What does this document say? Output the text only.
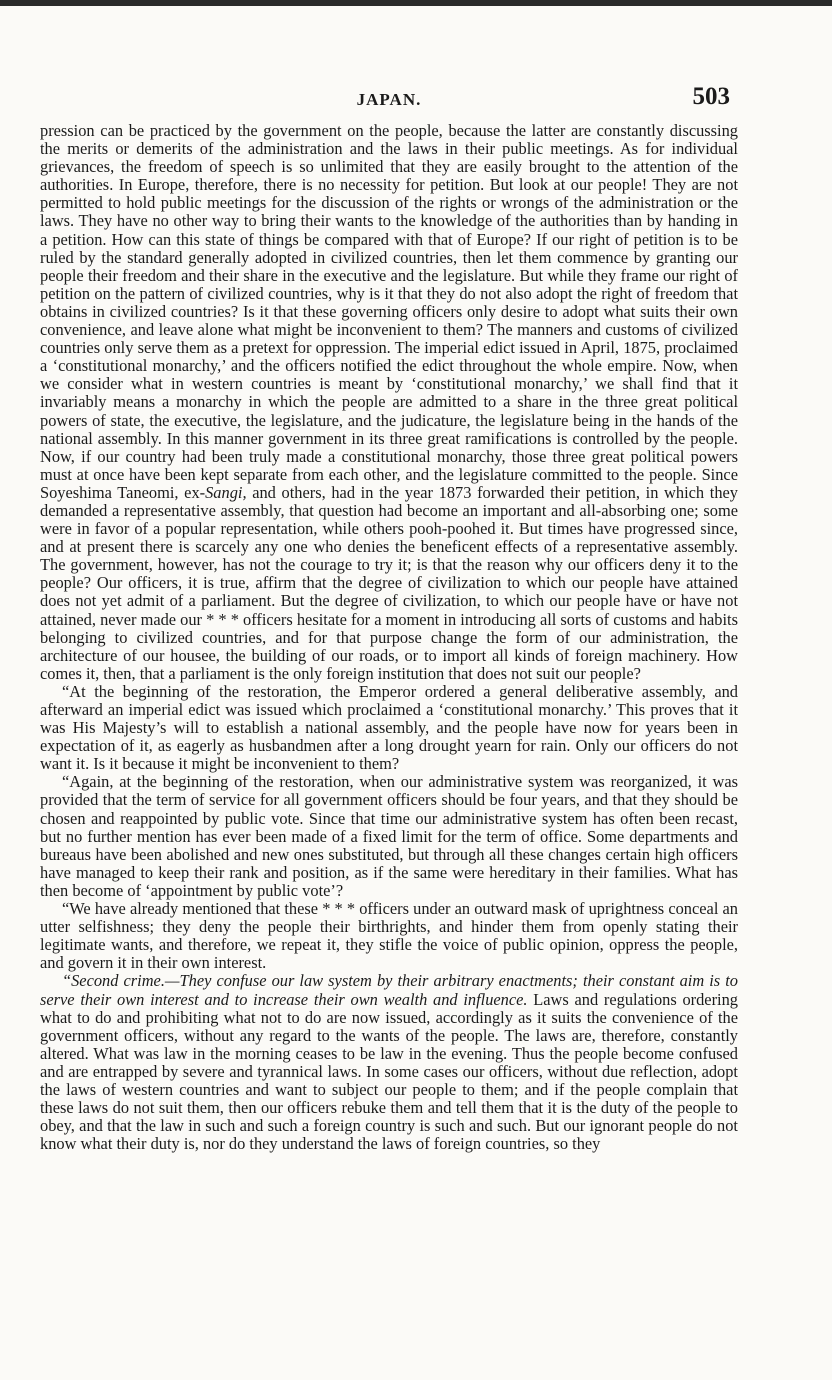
JAPAN.	503

pression can be practiced by the government on the people, because the latter are constantly discussing the merits or demerits of the administration and the laws in their public meetings. As for individual grievances, the freedom of speech is so unlimited that they are easily brought to the attention of the authorities. In Europe, therefore, there is no necessity for petition. But look at our people! They are not permitted to hold public meetings for the discussion of the rights or wrongs of the administration or the laws. They have no other way to bring their wants to the knowledge of the authorities than by handing in a petition. How can this state of things be compared with that of Europe? If our right of petition is to be ruled by the standard generally adopted in civilized countries, then let them commence by granting our people their freedom and their share in the executive and the legislature. But while they frame our right of petition on the pattern of civilized countries, why is it that they do not also adopt the right of freedom that obtains in civilized countries? Is it that these governing officers only desire to adopt what suits their own convenience, and leave alone what might be inconvenient to them? The manners and customs of civilized countries only serve them as a pretext for oppression. The imperial edict issued in April, 1875, proclaimed a ‘constitutional monarchy,’ and the officers notified the edict throughout the whole empire. Now, when we consider what in western countries is meant by ‘constitutional monarchy,’ we shall find that it invariably means a monarchy in which the people are admitted to a share in the three great political powers of state, the executive, the legislature, and the judicature, the legislature being in the hands of the national assembly. In this manner government in its three great ramifications is controlled by the people. Now, if our country had been truly made a constitutional monarchy, those three great political powers must at once have been kept separate from each other, and the legislature committed to the people. Since Soyeshima Taneomi, ex-Sangi, and others, had in the year 1873 forwarded their petition, in which they demanded a representative assembly, that question had become an important and all-absorbing one; some were in favor of a popular representation, while others pooh-poohed it. But times have progressed since, and at present there is scarcely any one who denies the beneficent effects of a representative assembly. The government, however, has not the courage to try it; is that the reason why our officers deny it to the people? Our officers, it is true, affirm that the degree of civilization to which our people have attained does not yet admit of a parliament. But the degree of civilization, to which our people have or have not attained, never made our * * * officers hesitate for a moment in introducing all sorts of customs and habits belonging to civilized countries, and for that purpose change the form of our administration, the architecture of our housee, the building of our roads, or to import all kinds of foreign machinery. How comes it, then, that a parliament is the only foreign institution that does not suit our people?

“At the beginning of the restoration, the Emperor ordered a general deliberative assembly, and afterward an imperial edict was issued which proclaimed a ‘constitutional monarchy.’ This proves that it was His Majesty’s will to establish a national assembly, and the people have now for years been in expectation of it, as eagerly as husbandmen after a long drought yearn for rain. Only our officers do not want it. Is it because it might be inconvenient to them?

“Again, at the beginning of the restoration, when our administrative system was reorganized, it was provided that the term of service for all government officers should be four years, and that they should be chosen and reappointed by public vote. Since that time our administrative system has often been recast, but no further mention has ever been made of a fixed limit for the term of office. Some departments and bureaus have been abolished and new ones substituted, but through all these changes certain high officers have managed to keep their rank and position, as if the same were hereditary in their families. What has then become of ‘appointment by public vote’?

“We have already mentioned that these * * * officers under an outward mask of uprightness conceal an utter selfishness; they deny the people their birthrights, and hinder them from openly stating their legitimate wants, and therefore, we repeat it, they stifle the voice of public opinion, oppress the people, and govern it in their own interest.

“Second crime.—They confuse our law system by their arbitrary enactments; their constant aim is to serve their own interest and to increase their own wealth and influence. Laws and regulations ordering what to do and prohibiting what not to do are now issued, accordingly as it suits the convenience of the government officers, without any regard to the wants of the people. The laws are, therefore, constantly altered. What was law in the morning ceases to be law in the evening. Thus the people become confused and are entrapped by severe and tyrannical laws. In some cases our officers, without due reflection, adopt the laws of western countries and want to subject our people to them; and if the people complain that these laws do not suit them, then our officers rebuke them and tell them that it is the duty of the people to obey, and that the law in such and such a foreign country is such and such. But our ignorant people do not know what their duty is, nor do they understand the laws of foreign countries, so they
